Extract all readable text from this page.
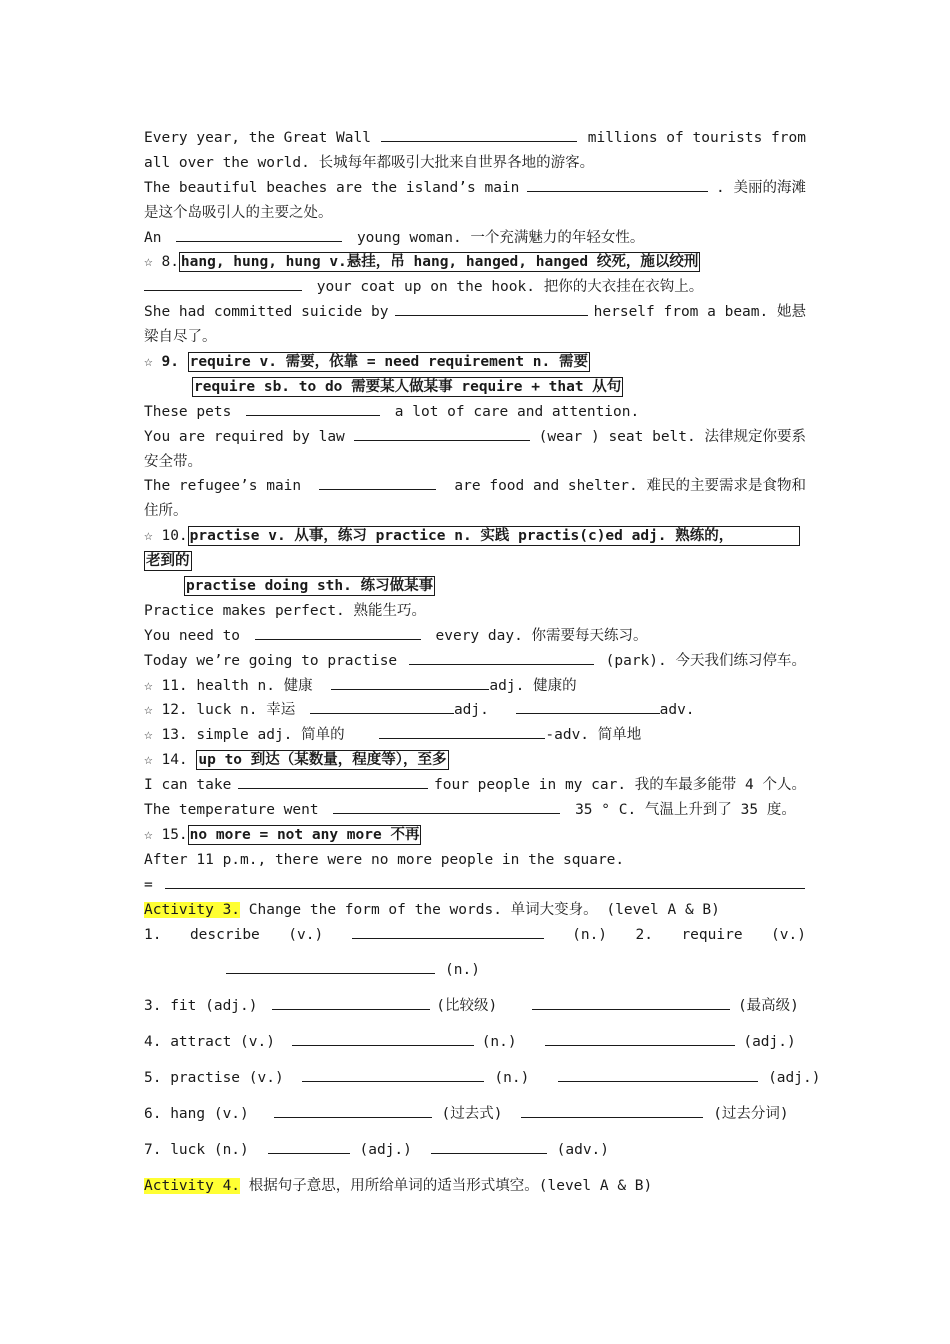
Every year, the Great Wall	millions of tourists from
all over the world. 长城每年都吸引大批来自世界各地的游客。
The beautiful beaches are the island’s main	. 美丽的海滩
是这个岛吸引人的主要之处。
An	young woman. 一个充满魅力的年轻女性。
☆ 8. hang, hung, hung v.悬挂，吊 hang, hanged, hanged 绞死，施以绞刑
your coat up on the hook. 把你的大衣挂在衣钩上。
She had committed suicide by	herself from a beam. 她悬
梁自尽了。
☆ 9. require v. 需要，依靠 = need requirement n. 需要
require sb. to do 需要某人做某事 require + that 从句
These pets	a lot of care and attention.
You are required by law	(wear ) seat belt. 法律规定你要系
安全带。
The refugee’s main	are food and shelter. 难民的主要需求是食物和
住所。
☆ 10. practise v. 从事，练习 practice n. 实践 practis(c)ed adj. 熟练的，
老到的
practise doing sth. 练习做某事
Practice makes perfect. 熟能生巧。
You need to	every day. 你需要每天练习。
Today we’re going to practise	(park). 今天我们练习停车。
☆ 11. health n. 健康	adj. 健康的
☆ 12. luck n. 幸运	adj.	adv.
☆ 13. simple adj. 简单的	-adv. 简单地
☆ 14. up to 到达（某数量，程度等），至多
I can take	four people in my car. 我的车最多能带 4 个人。
The temperature went	35 ° C. 气温上升到了 35 度。
☆ 15.no more = not any more 不再
After 11 p.m., there were no more people in the square.
=
Activity 3. Change the form of the words. 单词大变身。 (level A & B)
1. describe (v.)	(n.) 2. require (v.)
(n.)
3. fit (adj.)	(比较级)	(最高级)
4. attract (v.)	(n.)	(adj.)
5. practise (v.)	(n.)	(adj.)
6. hang (v.)	(过去式)	(过去分词)
7. luck (n.)	(adj.)	(adv.)
Activity 4. 根据句子意思，用所给单词的适当形式填空。(level A & B)
